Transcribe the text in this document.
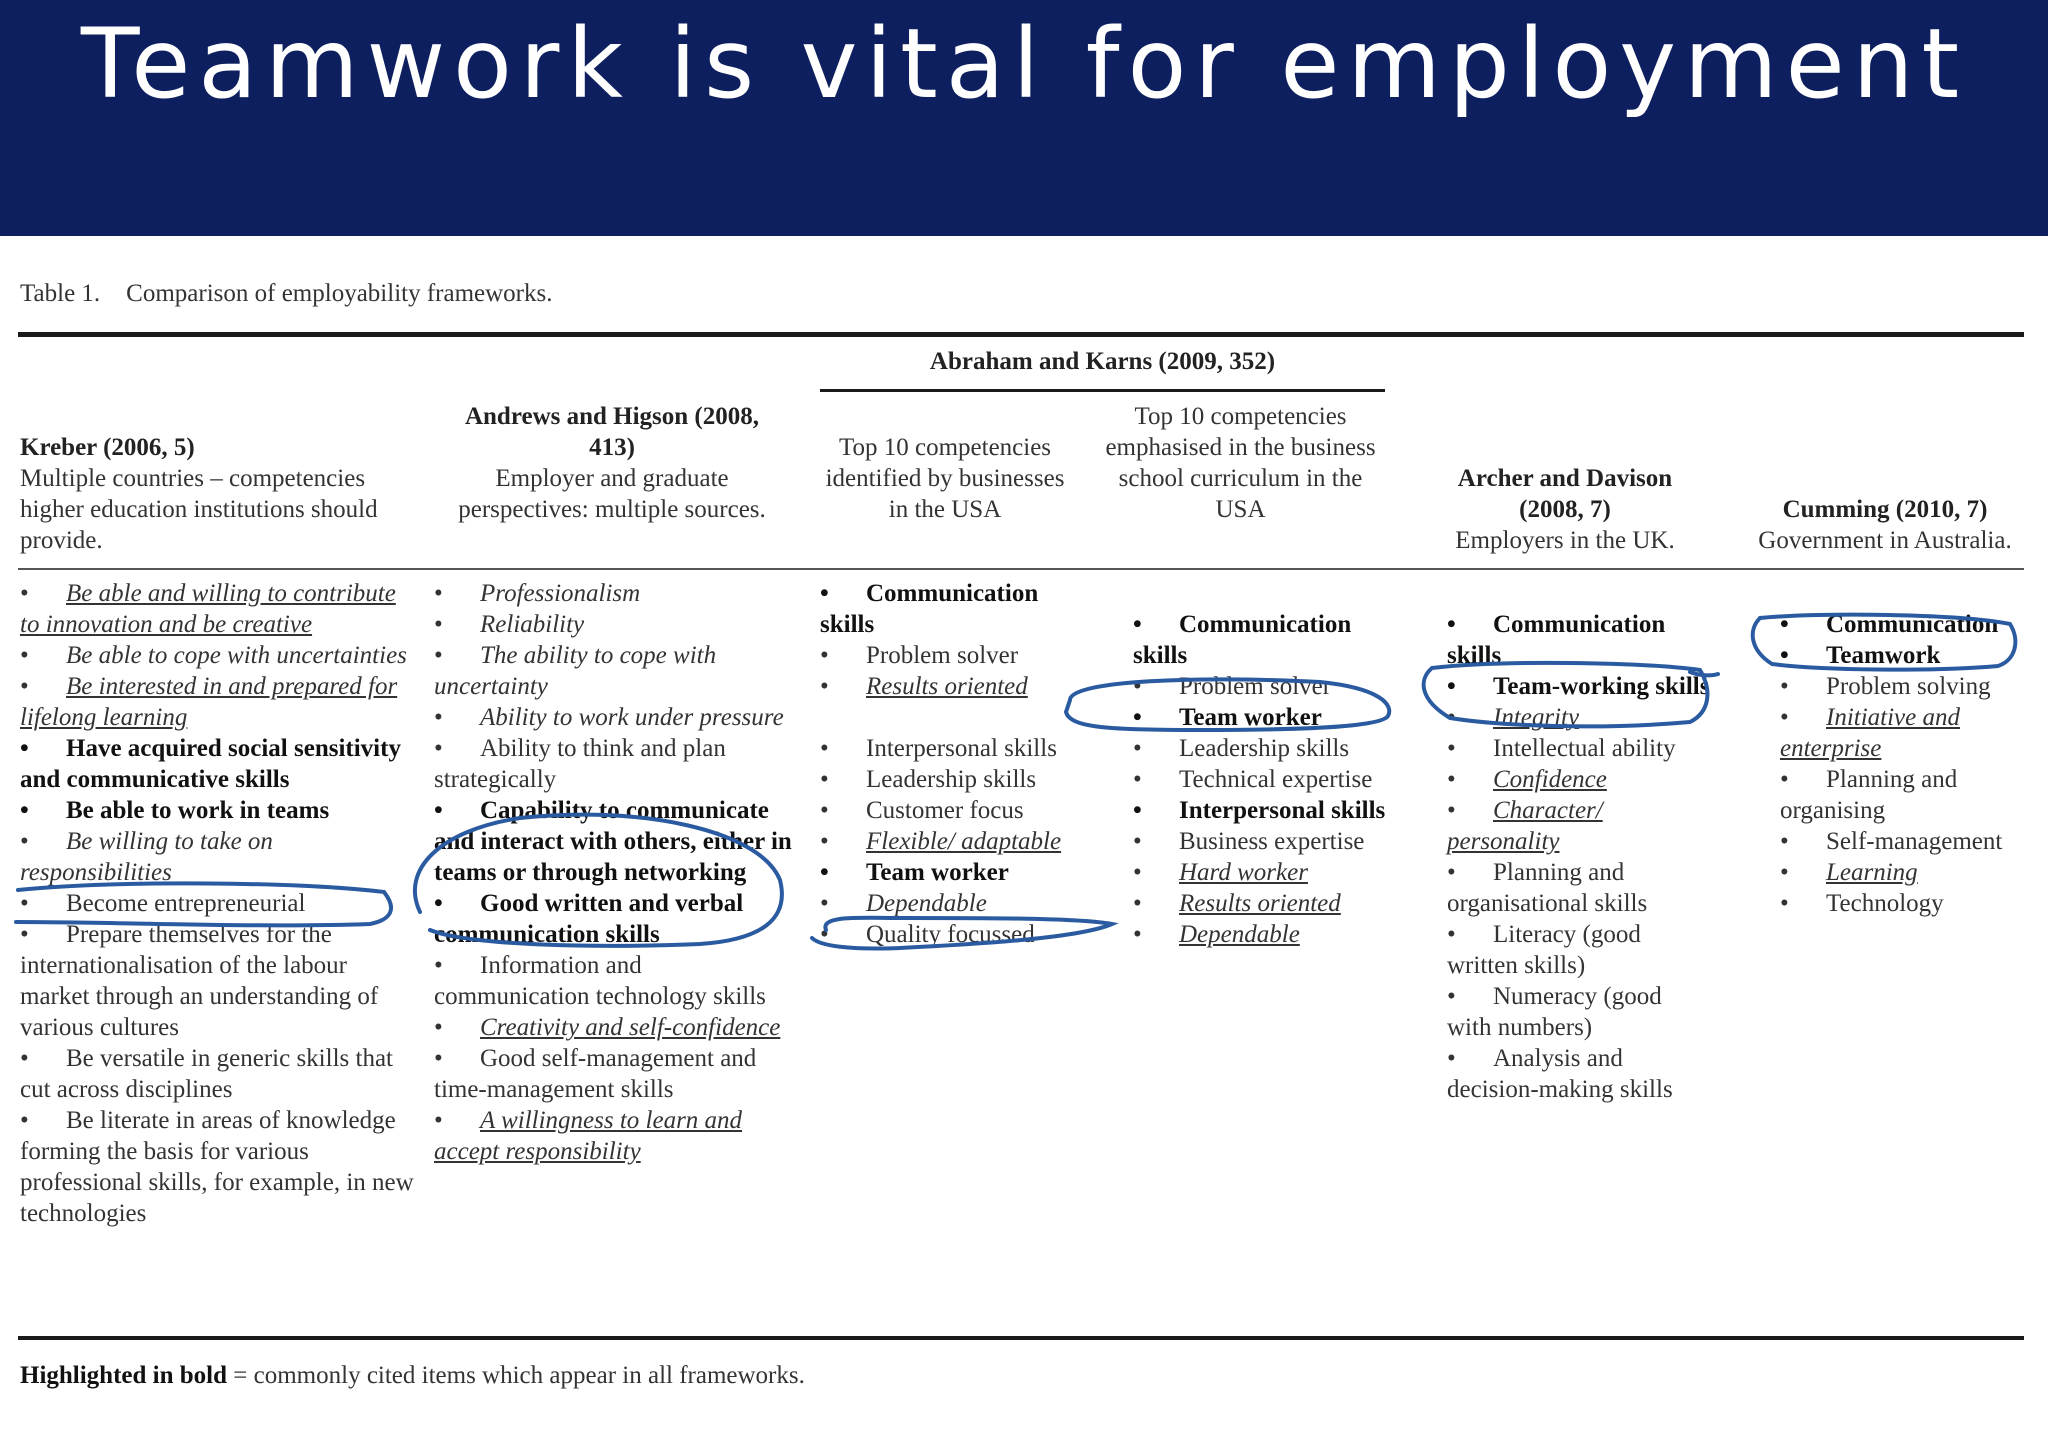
Teamwork is vital for employment
Table 1. Comparison of employability frameworks.
Abraham and Karns (2009, 352)
Kreber (2006, 5)
Multiple countries – competencies higher education institutions should provide.
Andrews and Higson (2008, 413)
Employer and graduate perspectives: multiple sources.
Top 10 competencies identified by businesses in the USA
Top 10 competencies emphasised in the business school curriculum in the USA
Archer and Davison (2008, 7)
Employers in the UK.
Cumming (2010, 7)
Government in Australia.
• Be able and willing to contribute to innovation and be creative
• Be able to cope with uncertainties
• Be interested in and prepared for lifelong learning
• Have acquired social sensitivity and communicative skills
• Be able to work in teams
• Be willing to take on responsibilities
• Become entrepreneurial
• Prepare themselves for the internationalisation of the labour market through an understanding of various cultures
• Be versatile in generic skills that cut across disciplines
• Be literate in areas of knowledge forming the basis for various professional skills, for example, in new technologies
• Professionalism
• Reliability
• The ability to cope with uncertainty
• Ability to work under pressure
• Ability to think and plan strategically
• Capability to communicate and interact with others, either in teams or through networking
• Good written and verbal communication skills
• Information and communication technology skills
• Creativity and self-confidence
• Good self-management and time-management skills
• A willingness to learn and accept responsibility
• Communication skills
• Problem solver
• Results oriented
• Interpersonal skills
• Leadership skills
• Customer focus
• Flexible/ adaptable
• Team worker
• Dependable
• Quality focussed
• Communication skills
• Problem solver
• Team worker
• Leadership skills
• Technical expertise
• Interpersonal skills
• Business expertise
• Hard worker
• Results oriented
• Dependable
• Communication skills
• Team-working skills
• Integrity
• Intellectual ability
• Confidence
• Character/ personality
• Planning and organisational skills
• Literacy (good written skills)
• Numeracy (good with numbers)
• Analysis and decision-making skills
• Communication
• Teamwork
• Problem solving
• Initiative and enterprise
• Planning and organising
• Self-management
• Learning
• Technology
Highlighted in bold = commonly cited items which appear in all frameworks.
